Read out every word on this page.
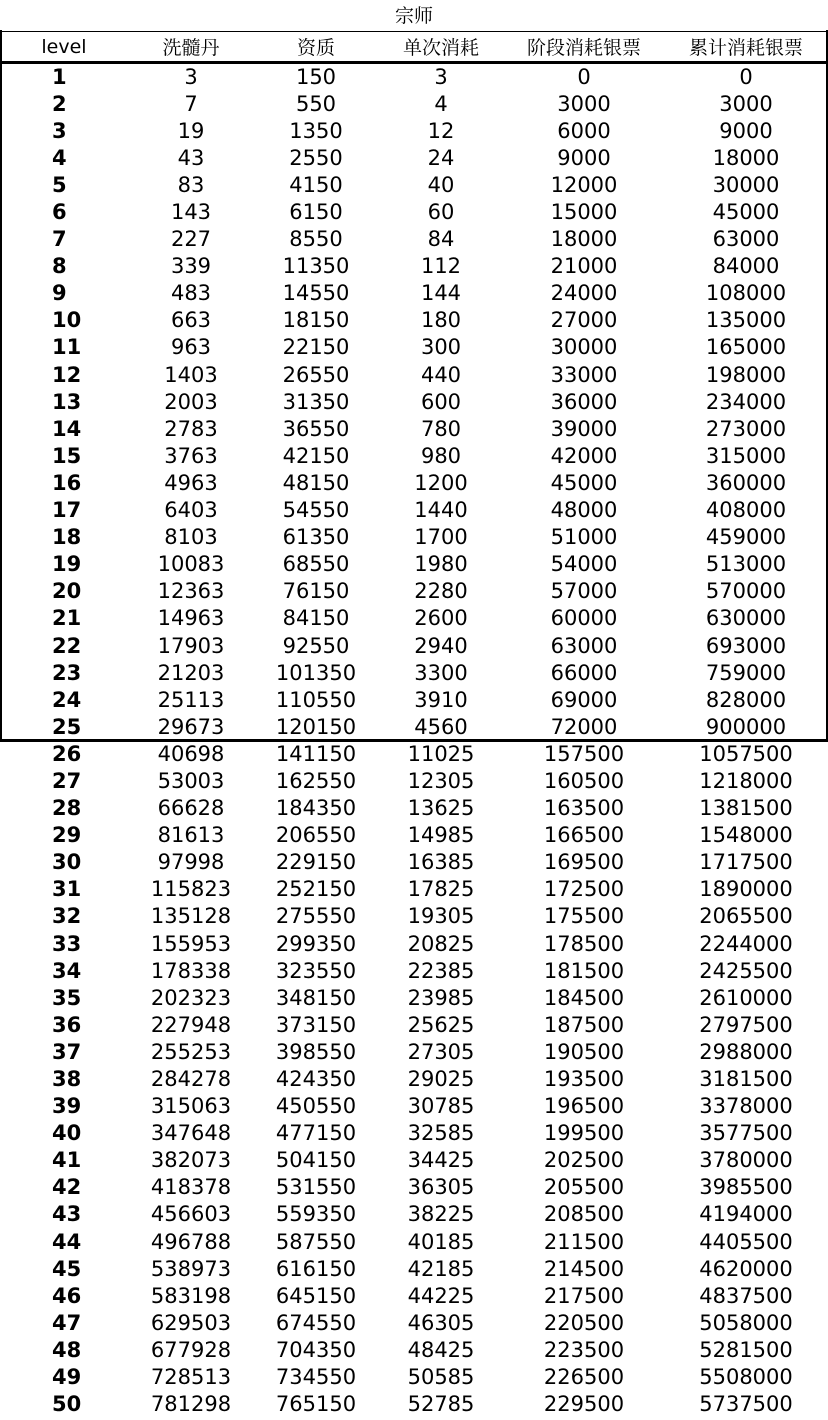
宗师
level	洗髓丹	资质	单次消耗	阶段消耗银票	累计消耗银票
1	3	150	3	0	0
2	7	550	4	3000	3000
3	19	1350	12	6000	9000
4	43	2550	24	9000	18000
5	83	4150	40	12000	30000
6	143	6150	60	15000	45000
7	227	8550	84	18000	63000
8	339	11350	112	21000	84000
9	483	14550	144	24000	108000
10	663	18150	180	27000	135000
11	963	22150	300	30000	165000
12	1403	26550	440	33000	198000
13	2003	31350	600	36000	234000
14	2783	36550	780	39000	273000
15	3763	42150	980	42000	315000
16	4963	48150	1200	45000	360000
17	6403	54550	1440	48000	408000
18	8103	61350	1700	51000	459000
19	10083	68550	1980	54000	513000
20	12363	76150	2280	57000	570000
21	14963	84150	2600	60000	630000
22	17903	92550	2940	63000	693000
23	21203	101350	3300	66000	759000
24	25113	110550	3910	69000	828000
25	29673	120150	4560	72000	900000
26	40698	141150	11025	157500	1057500
27	53003	162550	12305	160500	1218000
28	66628	184350	13625	163500	1381500
29	81613	206550	14985	166500	1548000
30	97998	229150	16385	169500	1717500
31	115823	252150	17825	172500	1890000
32	135128	275550	19305	175500	2065500
33	155953	299350	20825	178500	2244000
34	178338	323550	22385	181500	2425500
35	202323	348150	23985	184500	2610000
36	227948	373150	25625	187500	2797500
37	255253	398550	27305	190500	2988000
38	284278	424350	29025	193500	3181500
39	315063	450550	30785	196500	3378000
40	347648	477150	32585	199500	3577500
41	382073	504150	34425	202500	3780000
42	418378	531550	36305	205500	3985500
43	456603	559350	38225	208500	4194000
44	496788	587550	40185	211500	4405500
45	538973	616150	42185	214500	4620000
46	583198	645150	44225	217500	4837500
47	629503	674550	46305	220500	5058000
48	677928	704350	48425	223500	5281500
49	728513	734550	50585	226500	5508000
50	781298	765150	52785	229500	5737500
